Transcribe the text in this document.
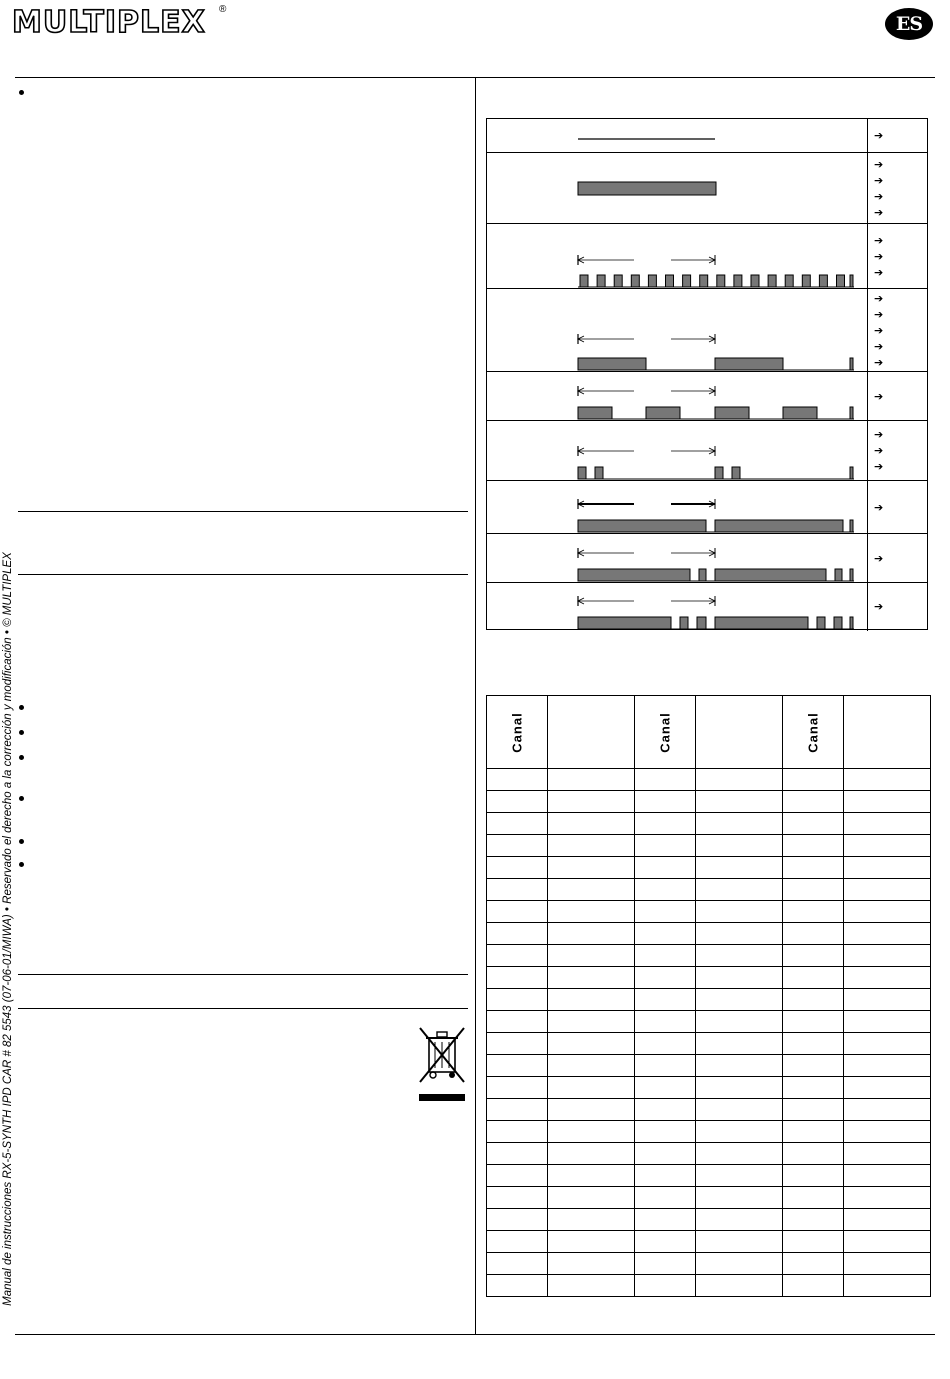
MULTIPLEX ®
ES
Manual de instrucciones RX-5-SYNTH IPD CAR # 82 5543 (07-06-01/MIWA) • Reservado el derecho a la corrección y modificación • © MULTIPLEX
➔
➔
➔
➔
➔
➔
➔
➔
➔
➔
➔
➔
➔
➔
➔
➔
➔
➔
➔
➔
Canal		Canal		Canal	
